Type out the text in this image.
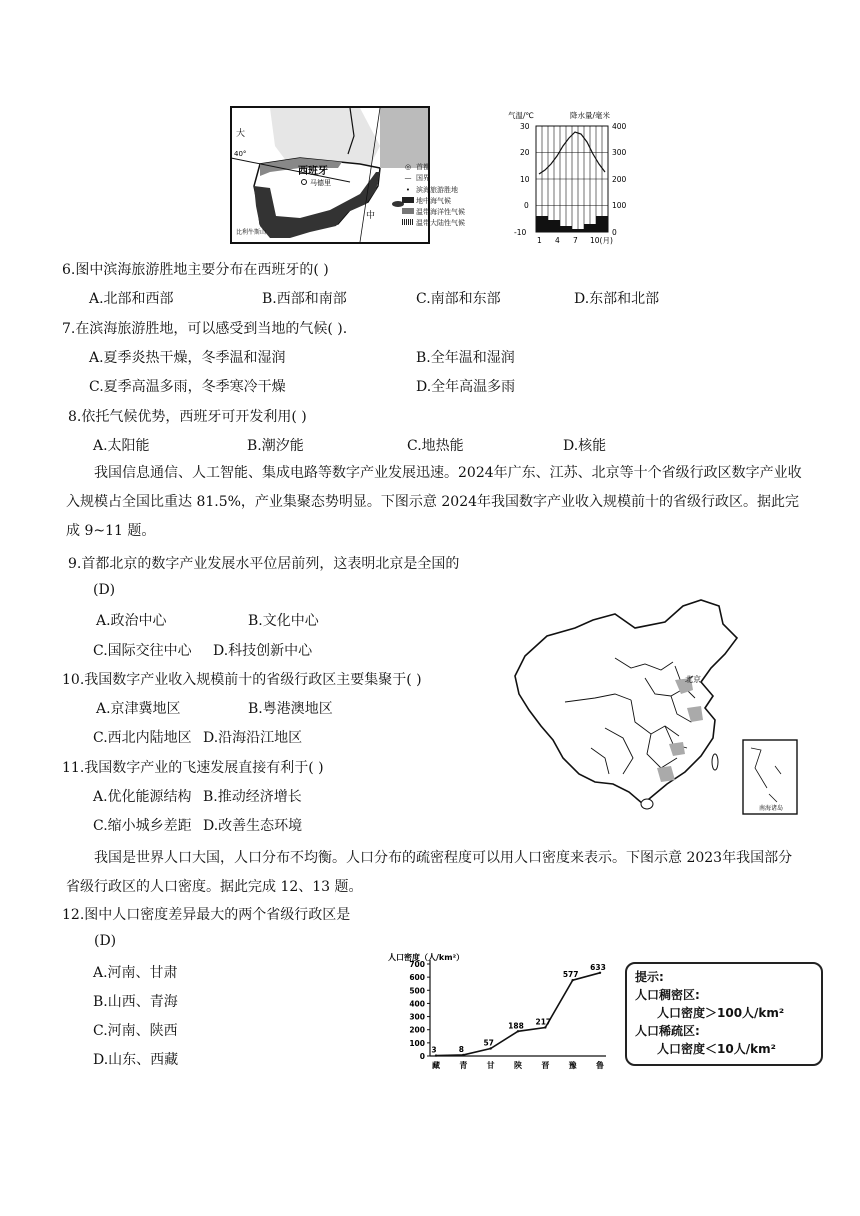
西班牙
马德里
40°
大
中
比利牛斯山
◎ 首都
— 国界
• 滨海旅游胜地
地中海气候
温带海洋性气候
温带大陆性气候
气温/℃	降水量/毫米
30
20
10
0
-10
400
300
200
100
0
1 4 7 10(月)
6.图中滨海旅游胜地主要分布在西班牙的( )
A.北部和西部	B.西部和南部	C.南部和东部	D.东部和北部
7.在滨海旅游胜地，可以感受到当地的气候( ).
A.夏季炎热干燥，冬季温和湿润	B.全年温和湿润
C.夏季高温多雨，冬季寒冷干燥	D.全年高温多雨
8.依托气候优势，西班牙可开发利用( )
A.太阳能	B.潮汐能	C.地热能	D.核能
我国信息通信、人工智能、集成电路等数字产业发展迅速。2024年广东、江苏、北京等十个省级行政区数字产业收入规模占全国比重达 81.5%，产业集聚态势明显。下图示意 2024年我国数字产业收入规模前十的省级行政区。据此完成 9~11 题。
9.首都北京的数字产业发展水平位居前列，这表明北京是全国的
(D)
A.政治中心	B.文化中心
C.国际交往中心 D.科技创新中心
10.我国数字产业收入规模前十的省级行政区主要集聚于( )
A.京津冀地区	B.粤港澳地区
C.西北内陆地区 D.沿海沿江地区
11.我国数字产业的飞速发展直接有利于( )
A.优化能源结构 B.推动经济增长
C.缩小城乡差距 D.改善生态环境
北京
南海诸岛
我国是世界人口大国，人口分布不均衡。人口分布的疏密程度可以用人口密度来表示。下图示意 2023年我国部分省级行政区的人口密度。据此完成 12、13 题。
12.图中人口密度差异最大的两个省级行政区是
(D)
A.河南、甘肃
B.山西、青海
C.河南、陕西
D.山东、西藏
人口密度（人/km²）
700
600
500
400
300
200
100
0
3	8
57
188 217
577
633
藏 青 甘 陕 晋 豫 鲁
提示:
人口稠密区:
人口密度＞100人/km²
人口稀疏区:
人口密度＜10人/km²
